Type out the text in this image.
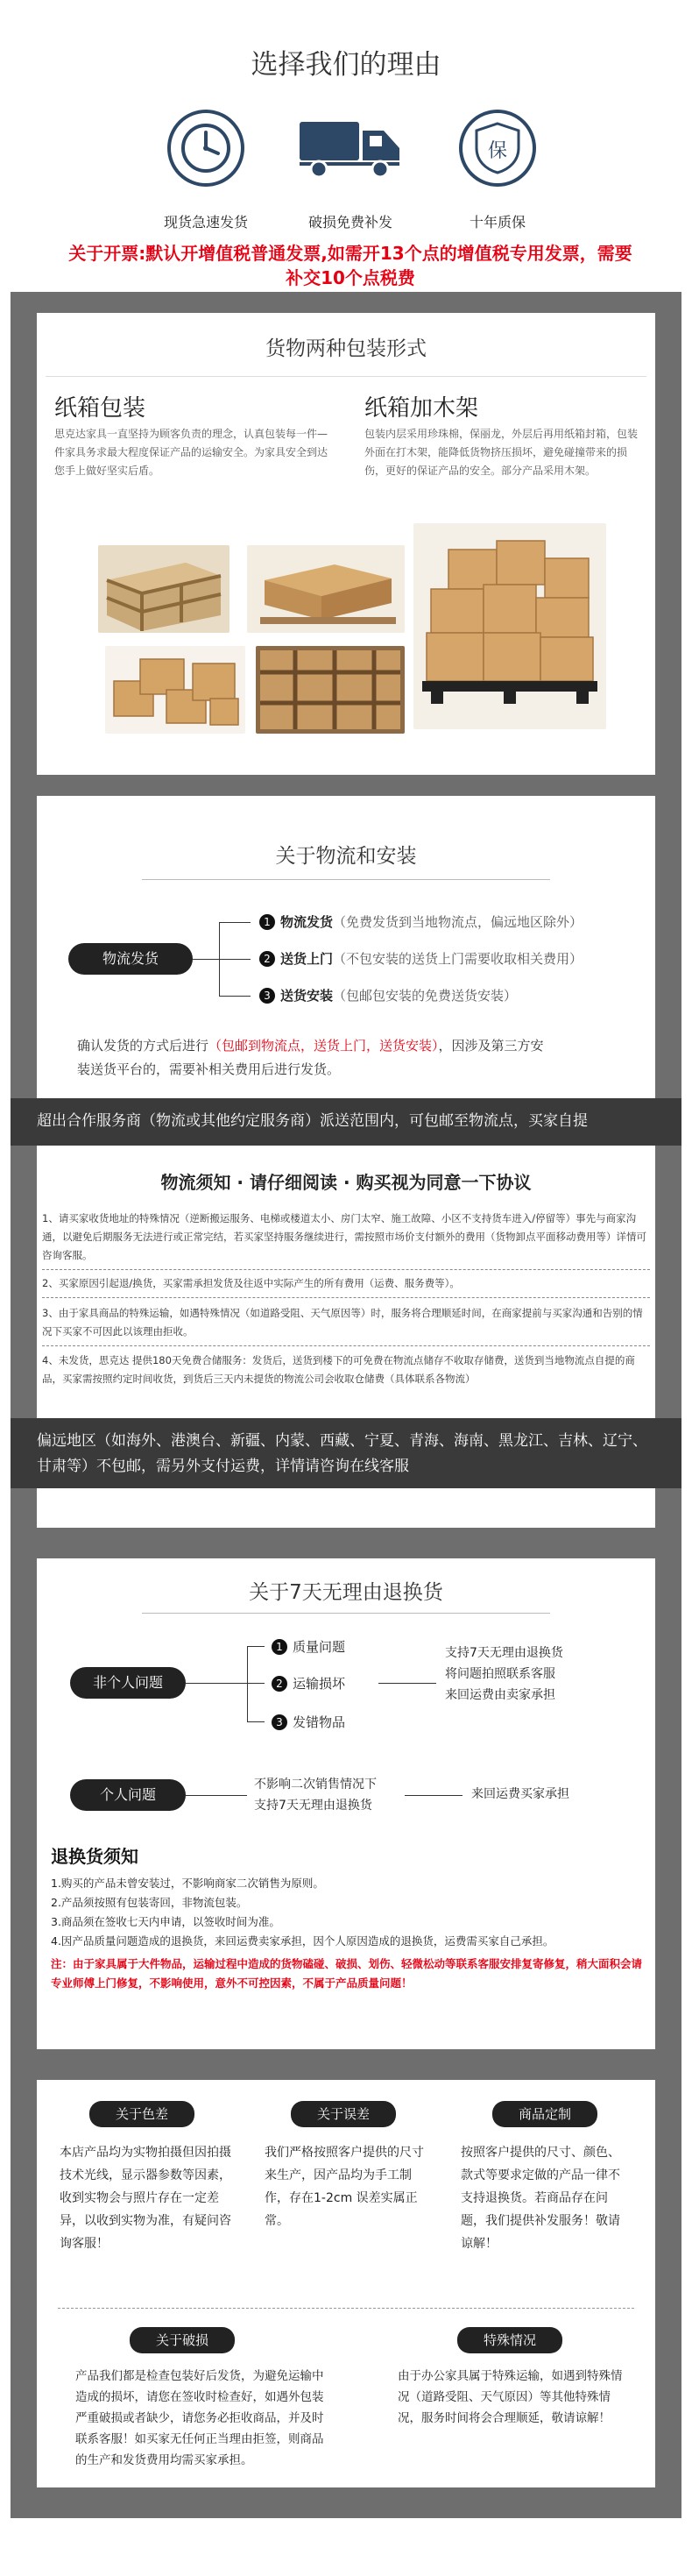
选择我们的理由
现货急速发货	破损免费补发
保
十年质保
关于开票:默认开增值税普通发票,如需开13个点的增值税专用发票，需要
补交10个点税费
货物两种包装形式
纸箱包装
思克达家具一直坚持为顾客负责的理念，认真包装每一件—件家具务求最大程度保证产品的运输安全。为家具安全到达您手上做好坚实后盾。
纸箱加木架
包装内层采用珍珠棉，保丽龙，外层后再用纸箱封箱，包装外面在打木架，能降低货物挤压损坏，避免碰撞带来的损伤，更好的保证产品的安全。部分产品采用木架。
关于物流和安装
物流发货
1 物流发货（免费发货到当地物流点，偏远地区除外）
2 送货上门（不包安装的送货上门需要收取相关费用）
3 送货安装（包邮包安装的免费送货安装）
确认发货的方式后进行（包邮到物流点，送货上门，送货安装），因涉及第三方安
装送货平台的，需要补相关费用后进行发货。
超出合作服务商（物流或其他约定服务商）派送范围内，可包邮至物流点，买家自提
物流须知 · 请仔细阅读 · 购买视为同意一下协议
1、请买家收货地址的特殊情况（逆断搬运服务、电梯或楼道太小、房门太窄、施工故障、小区不支持货车进入/停留等）事先与商家沟通，以避免后期服务无法进行或正常完结，若买家坚持服务继续进行，需按照市场价支付额外的费用（货物卸点平面移动费用等）详情可咨询客服。
2、买家原因引起退/换货，买家需承担发货及往返中实际产生的所有费用（运费、服务费等）。
3、由于家具商品的特殊运输，如遇特殊情况（如道路受阻、天气原因等）时，服务将合理顺延时间，在商家提前与买家沟通和告别的情况下买家不可因此以该理由拒收。
4、未发货，思克达 提供180天免费合储服务：发货后，送货到楼下的可免费在物流点储存不收取存储费，送货到当地物流点自提的商品，买家需按照约定时间收货，到货后三天内未提货的物流公司会收取仓储费（具体联系各物流）
偏远地区（如海外、港澳台、新疆、内蒙、西藏、宁夏、青海、海南、黑龙江、吉林、辽宁、甘肃等）不包邮，需另外支付运费，详情请咨询在线客服
关于7天无理由退换货
非个人问题
1 质量问题
2 运输损坏
3 发错物品
支持7天无理由退换货
将问题拍照联系客服
来回运费由卖家承担
个人问题
不影响二次销售情况下
支持7天无理由退换货
来回运费买家承担
退换货须知
1.购买的产品未曾安装过，不影响商家二次销售为原则。
2.产品须按照有包装寄回，非物流包装。
3.商品须在签收七天内申请，以签收时间为准。
4.因产品质量问题造成的退换货，来回运费卖家承担，因个人原因造成的退换货，运费需买家自己承担。
注：由于家具属于大件物品，运输过程中造成的货物磕碰、破损、划伤、轻微松动等联系客服安排复寄修复，稍大面积会请专业师傅上门修复，不影响使用，意外不可控因素，不属于产品质量问题！
关于色差
本店产品均为实物拍摄但因拍摄技术光线，显示器参数等因素，收到实物会与照片存在一定差异，以收到实物为准，有疑问咨询客服！
关于误差
我们严格按照客户提供的尺寸来生产，因产品均为手工制作，存在1-2cm 误差实属正常。
商品定制
按照客户提供的尺寸、颜色、款式等要求定做的产品一律不支持退换货。若商品存在问题，我们提供补发服务！敬请谅解！
关于破损
产品我们都是检查包装好后发货，为避免运输中造成的损坏，请您在签收时检查好，如遇外包装严重破损或者缺少，请您务必拒收商品，并及时联系客服！如买家无任何正当理由拒签，则商品的生产和发货费用均需买家承担。
特殊情况
由于办公家具属于特殊运输，如遇到特殊情况（道路受阻、天气原因）等其他特殊情况，服务时间将会合理顺延，敬请谅解！
